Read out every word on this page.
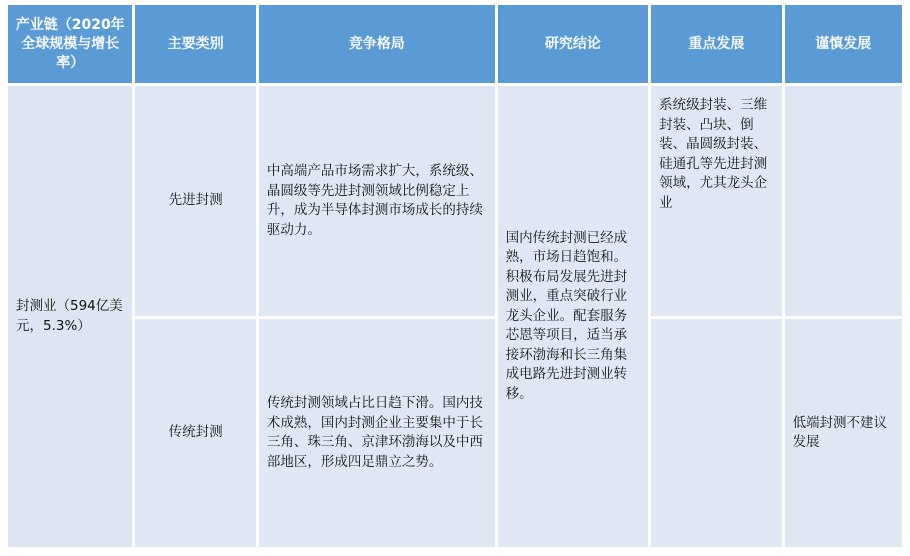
产业链（2020年全球规模与增长率）	主要类别	竞争格局	研究结论	重点发展	谨慎发展
封测业（594亿美元，5.3%）	先进封测	中高端产品市场需求扩大，系统级、晶圆级等先进封测领域比例稳定上升，成为半导体封测市场成长的持续驱动力。	国内传统封测已经成熟，市场日趋饱和。积极布局发展先进封测业，重点突破行业龙头企业。配套服务芯恩等项目，适当承接环渤海和长三角集成电路先进封测业转移。	系统级封装、三维封装、凸块、倒装、晶圆级封装、硅通孔等先进封测领域，尤其龙头企业	
	传统封测	传统封测领域占比日趋下滑。国内技术成熟，国内封测企业主要集中于长三角、珠三角、京津环渤海以及中西部地区，形成四足鼎立之势。			低端封测不建议发展
